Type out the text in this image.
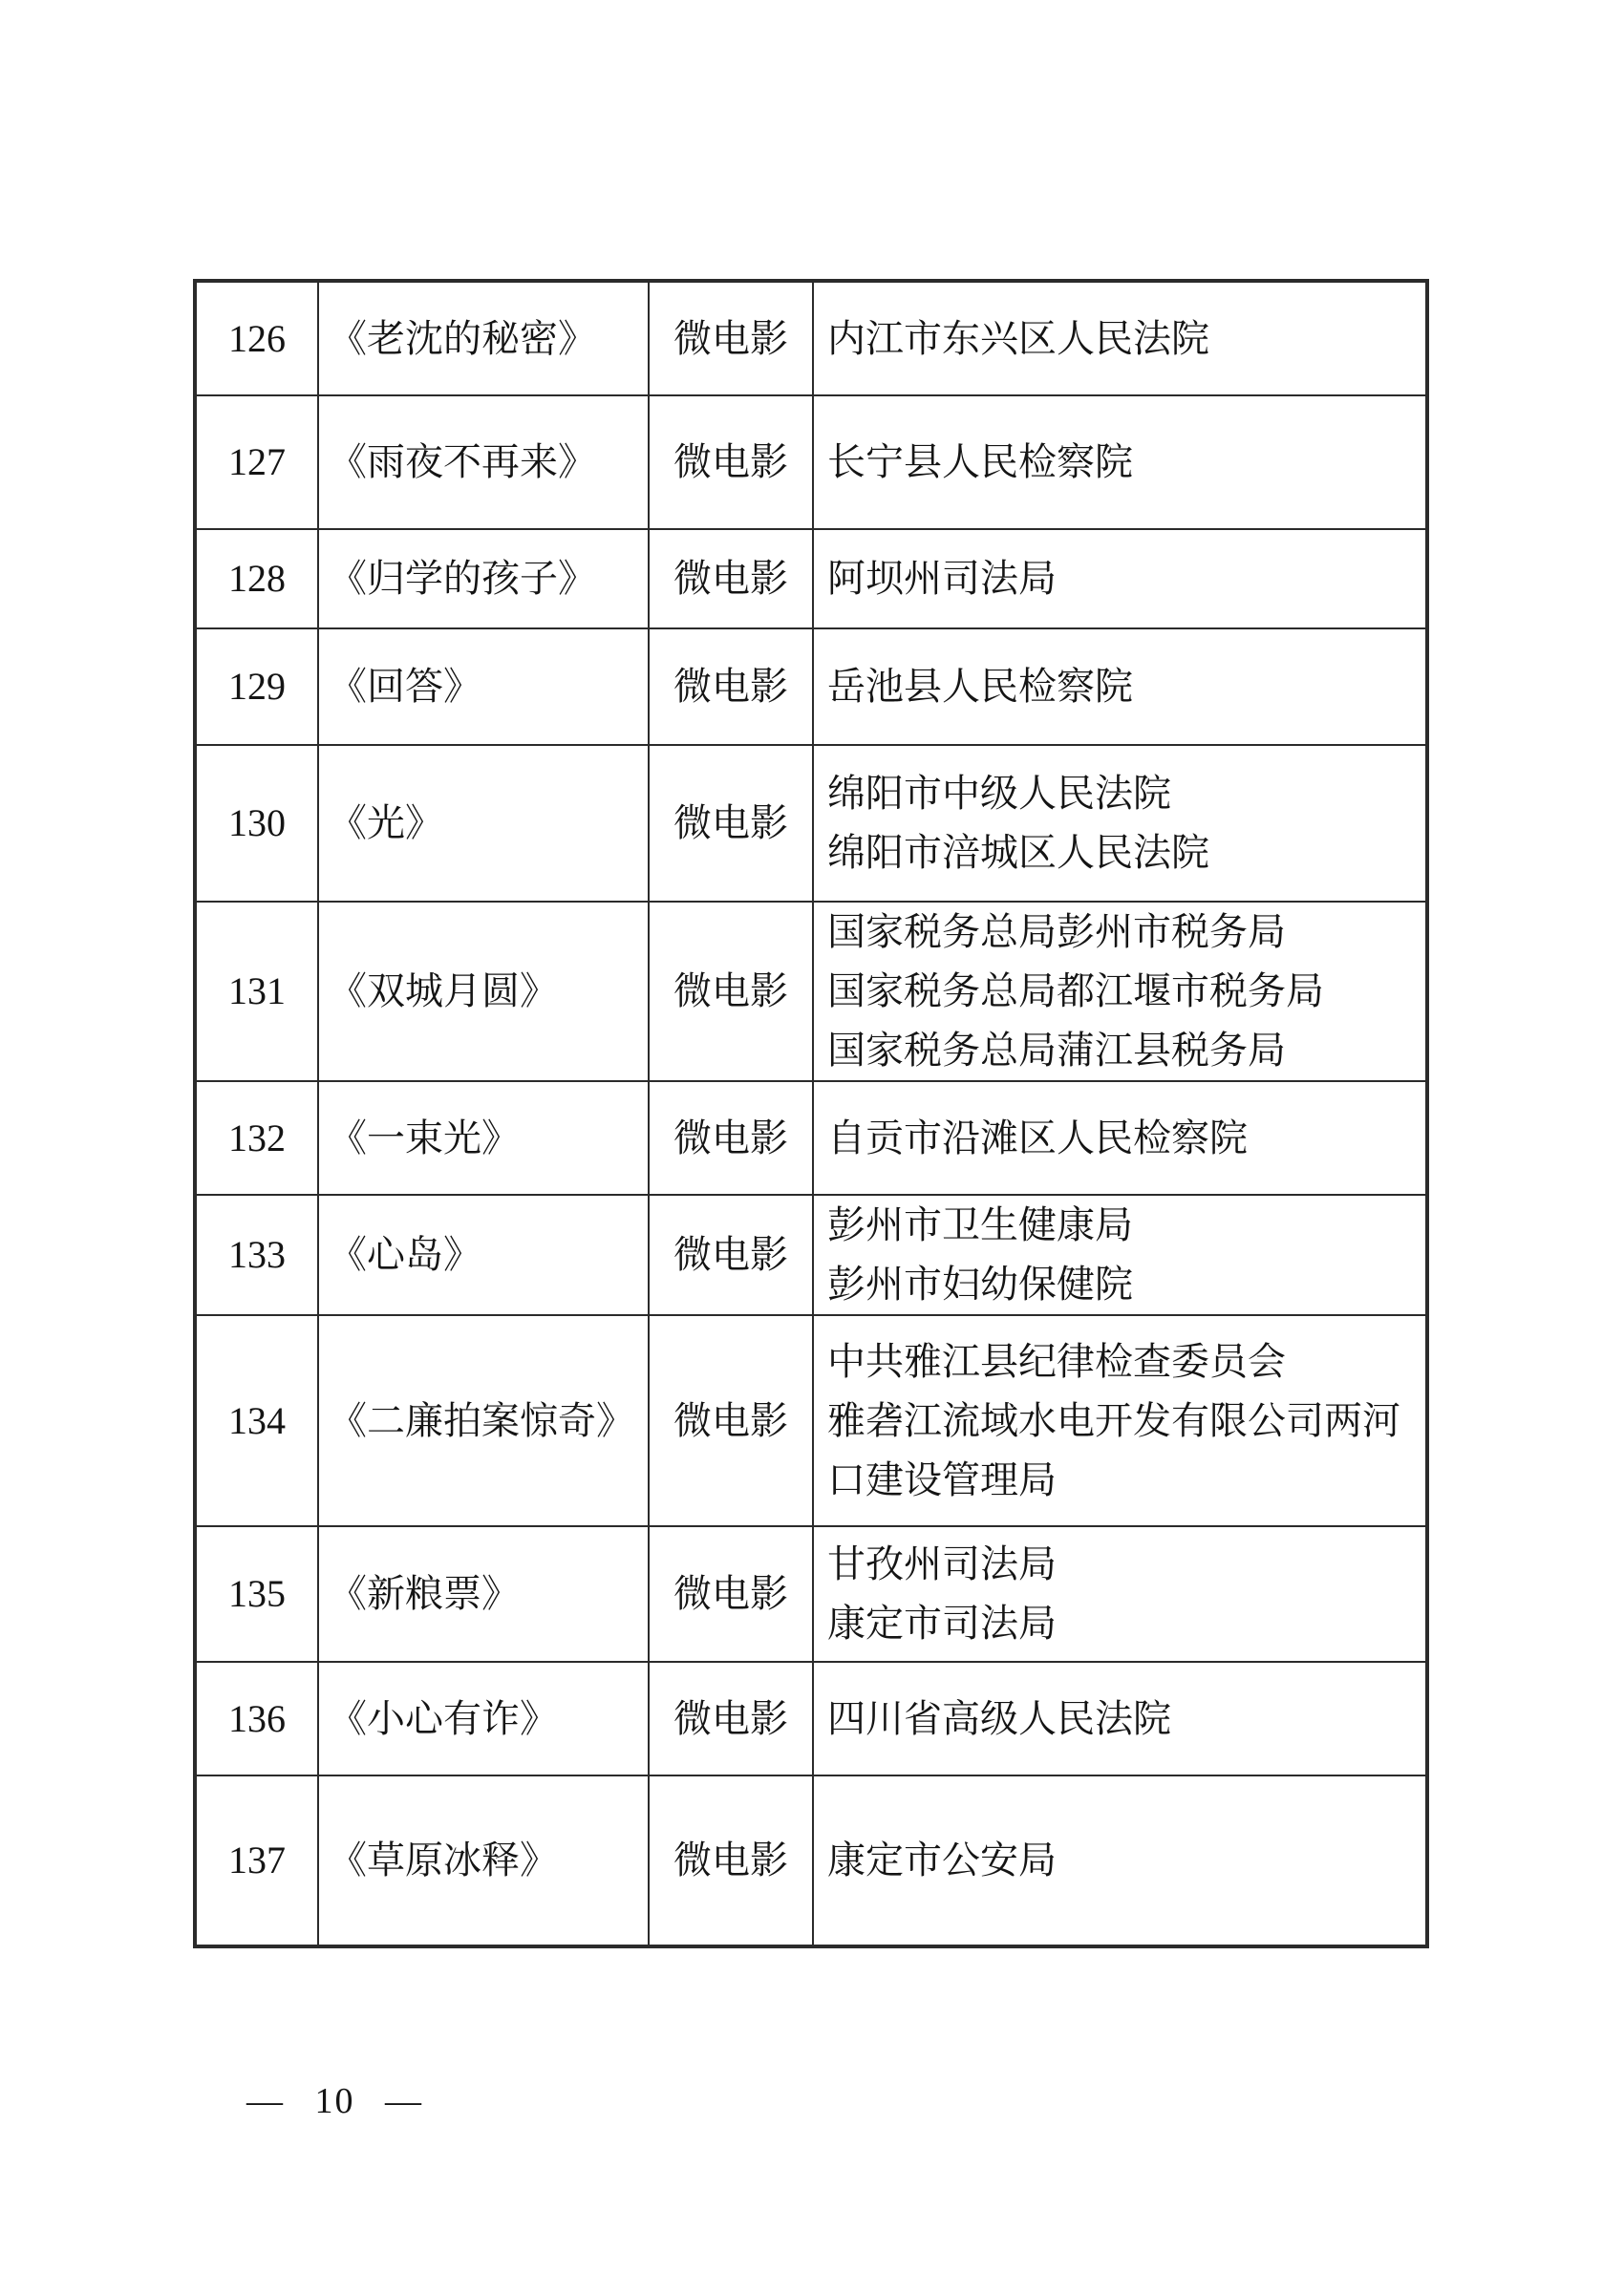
126	《老沈的秘密》	微电影	内江市东兴区人民法院

127	《雨夜不再来》	微电影	长宁县人民检察院

128	《归学的孩子》	微电影	阿坝州司法局

129	《回答》	微电影	岳池县人民检察院

130	《光》	微电影	绵阳市中级人民法院
绵阳市涪城区人民法院

131	《双城月圆》	微电影	国家税务总局彭州市税务局
国家税务总局都江堰市税务局
国家税务总局蒲江县税务局

132	《一束光》	微电影	自贡市沿滩区人民检察院

133	《心岛》	微电影	彭州市卫生健康局
彭州市妇幼保健院

134	《二廉拍案惊奇》	微电影	中共雅江县纪律检查委员会
雅砻江流域水电开发有限公司两河口建设管理局

135	《新粮票》	微电影	甘孜州司法局
康定市司法局

136	《小心有诈》	微电影	四川省高级人民法院

137	《草原冰释》	微电影	康定市公安局
— 10 —
